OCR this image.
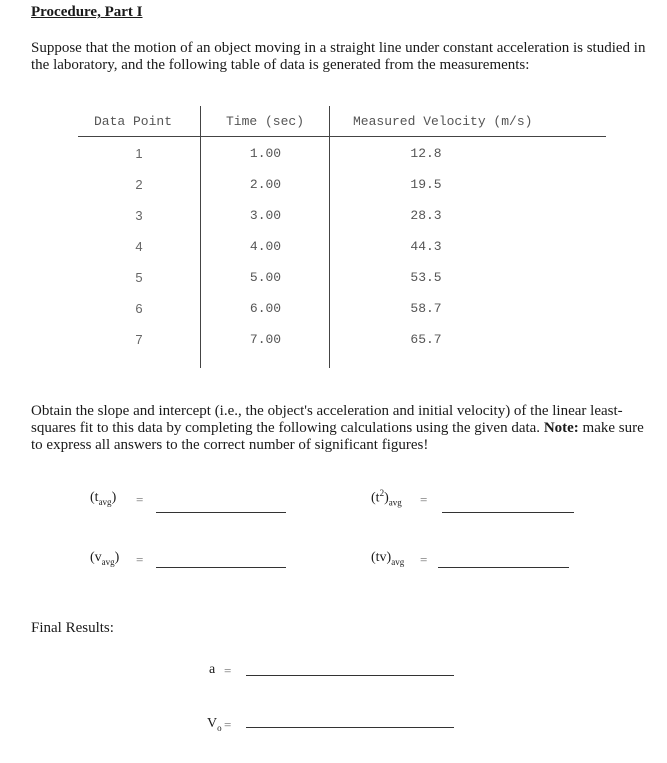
Procedure, Part I
Suppose that the motion of an object moving in a straight line under constant acceleration is studied in the laboratory, and the following table of data is generated from the measurements:
Data Point	Time (sec)	Measured Velocity (m/s)
1	1.00	12.8
2	2.00	19.5
3	3.00	28.3
4	4.00	44.3
5	5.00	53.5
6	6.00	58.7
7	7.00	65.7
Obtain the slope and intercept (i.e., the object's acceleration and initial velocity) of the linear least-squares fit to this data by completing the following calculations using the given data. Note: make sure to express all answers to the correct number of significant figures!
$(t_{avg})$ =	$(t^2)_{avg}$ =
$(v_{avg})$ =	$(tv)_{avg}$ =
Final Results:
a =
$V_o$ =
